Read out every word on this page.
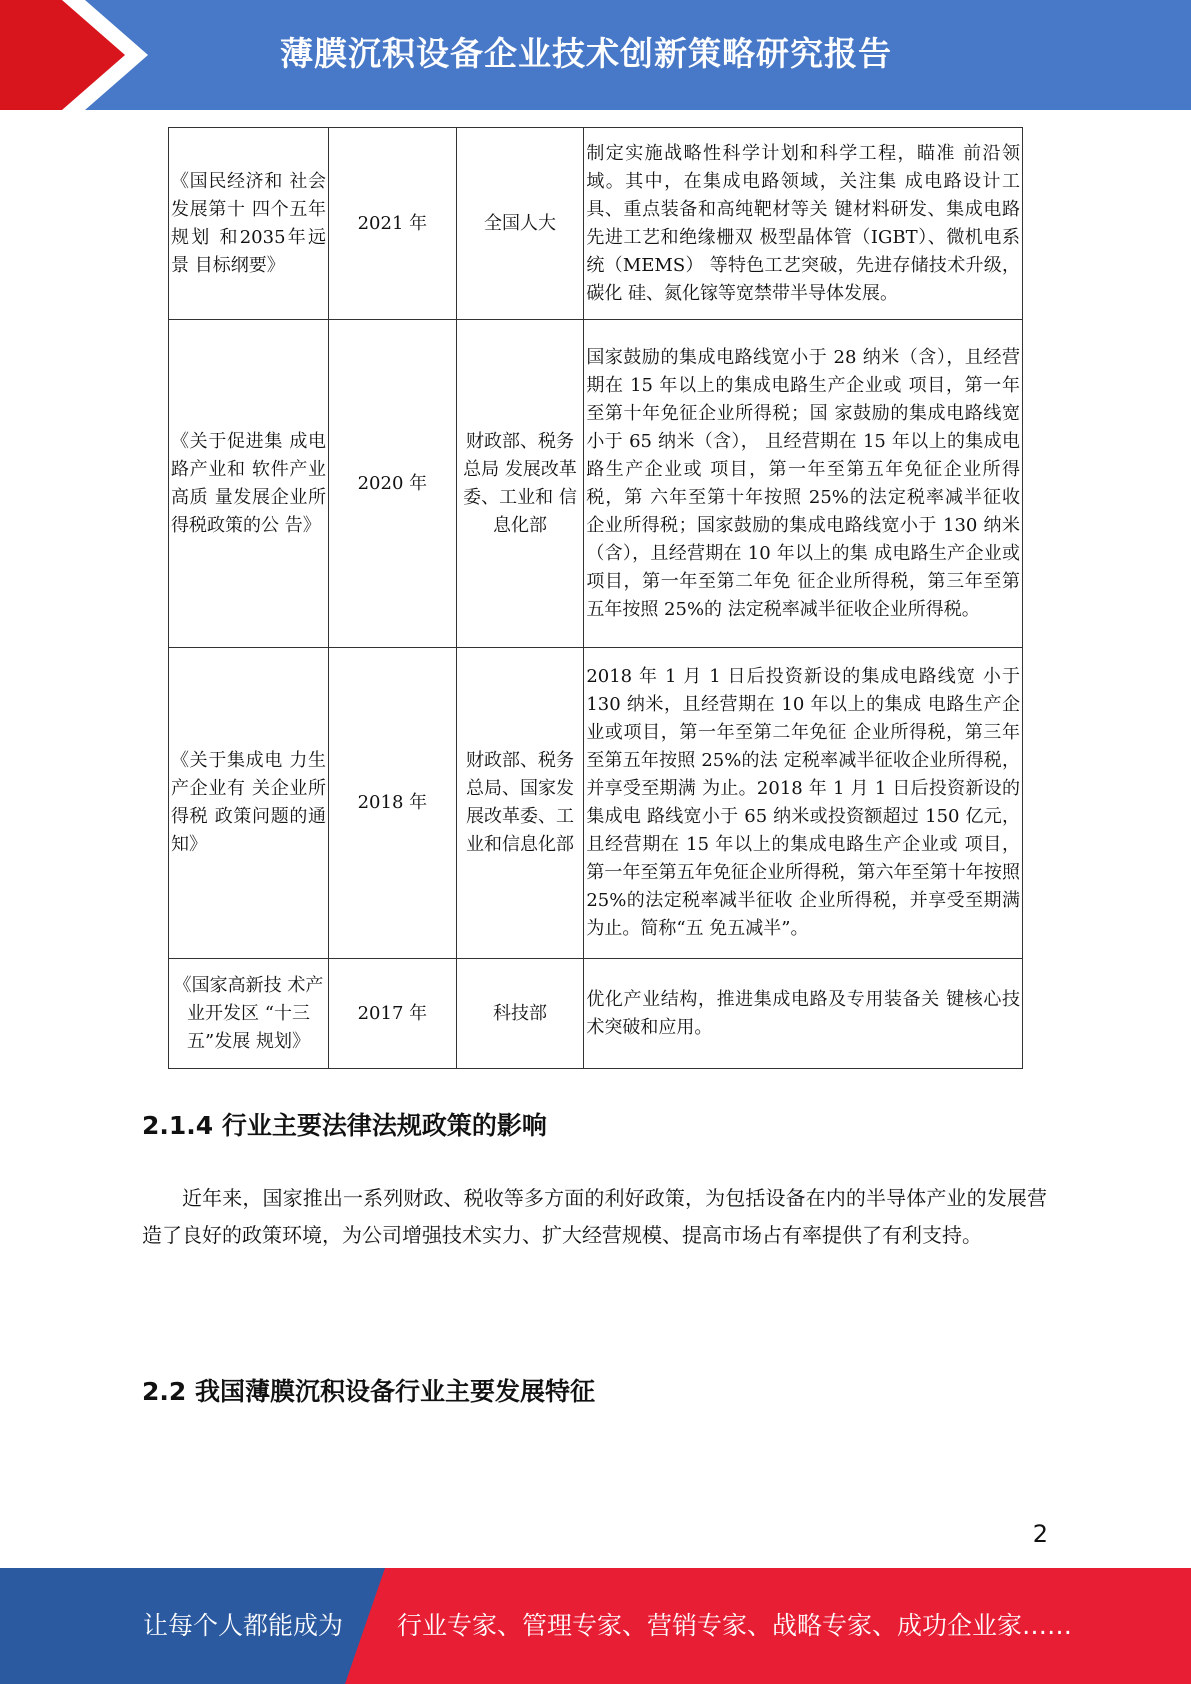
薄膜沉积设备企业技术创新策略研究报告
《国民经济和 社会发展第十 四个五年规划 和2035年远景 目标纲要》	2021 年	全国人大	制定实施战略性科学计划和科学工程，瞄准 前沿领域。其中，在集成电路领域，关注集 成电路设计工具、重点装备和高纯靶材等关 键材料研发、集成电路先进工艺和绝缘栅双 极型晶体管（IGBT）、微机电系统（MEMS） 等特色工艺突破，先进存储技术升级，碳化 硅、氮化镓等宽禁带半导体发展。
《关于促进集 成电路产业和 软件产业高质 量发展企业所 得税政策的公 告》	2020 年	财政部、税务总局 发展改革 委、工业和 信息化部	国家鼓励的集成电路线宽小于 28 纳米（含），且经营期在 15 年以上的集成电路生产企业或 项目，第一年至第十年免征企业所得税；国 家鼓励的集成电路线宽小于 65 纳米（含）， 且经营期在 15 年以上的集成电路生产企业或 项目，第一年至第五年免征企业所得税，第 六年至第十年按照 25%的法定税率减半征收 企业所得税；国家鼓励的集成电路线宽小于 130 纳米（含），且经营期在 10 年以上的集 成电路生产企业或项目，第一年至第二年免 征企业所得税，第三年至第五年按照 25%的 法定税率减半征收企业所得税。
《关于集成电 力生产企业有 关企业所得税 政策问题的通 知》	2018 年	财政部、税务总局、国家发展改革委、工业和信息化部	2018 年 1 月 1 日后投资新设的集成电路线宽 小于 130 纳米，且经营期在 10 年以上的集成 电路生产企业或项目，第一年至第二年免征 企业所得税，第三年至第五年按照 25%的法 定税率减半征收企业所得税，并享受至期满 为止。2018 年 1 月 1 日后投资新设的集成电 路线宽小于 65 纳米或投资额超过 150 亿元， 且经营期在 15 年以上的集成电路生产企业或 项目，第一年至第五年免征企业所得税，第六年至第十年按照 25%的法定税率减半征收 企业所得税，并享受至期满为止。简称“五 免五减半”。
《国家高新技 术产业开发区 “十三五”发展 规划》	2017 年	科技部	优化产业结构，推进集成电路及专用装备关 键核心技术突破和应用。
2.1.4 行业主要法律法规政策的影响
近年来，国家推出一系列财政、税收等多方面的利好政策，为包括设备在内的半导体产业的发展营造了良好的政策环境，为公司增强技术实力、扩大经营规模、提高市场占有率提供了有利支持。
2.2 我国薄膜沉积设备行业主要发展特征
2
让每个人都能成为 行业专家、管理专家、营销专家、战略专家、成功企业家……
